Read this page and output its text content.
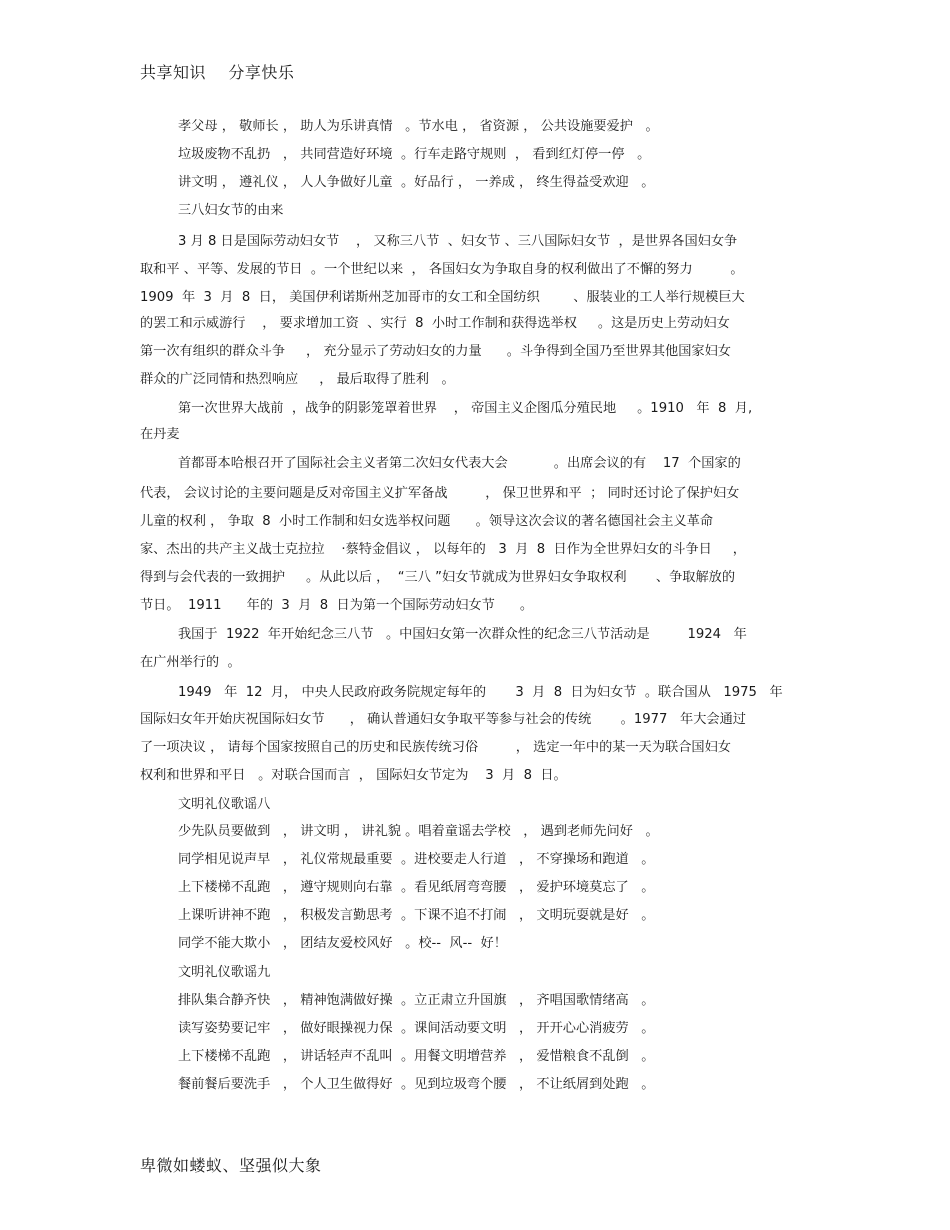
共享知识    分享快乐
孝父母 ， 敬师长 ， 助人为乐讲真情   。节水电 ， 省资源 ， 公共设施要爱护   。
垃圾废物不乱扔   ， 共同营造好环境  。行车走路守规则  ， 看到红灯停一停   。
讲文明 ， 遵礼仪 ， 人人争做好儿童  。好品行 ， 一养成 ， 终生得益受欢迎   。
三八妇女节的由来
3 月 8 日是国际劳动妇女节    ， 又称三八节  、妇女节 、三八国际妇女节  ，是世界各国妇女争
取和平 、平等、发展的节日  。一个世纪以来  ， 各国妇女为争取自身的权利做出了不懈的努力         。
1909  年  3  月  8  日， 美国伊利诺斯州芝加哥市的女工和全国纺织        、服装业的工人举行规模巨大
的罢工和示威游行    ， 要求增加工资  、实行  8  小时工作制和获得选举权     。这是历史上劳动妇女
第一次有组织的群众斗争     ， 充分显示了劳动妇女的力量      。斗争得到全国乃至世界其他国家妇女
群众的广泛同情和热烈响应     ， 最后取得了胜利   。
第一次世界大战前  ，战争的阴影笼罩着世界    ， 帝国主义企图瓜分殖民地     。1910   年  8  月,
在丹麦
首都哥本哈根召开了国际社会主义者第二次妇女代表大会           。出席会议的有    17  个国家的
代表， 会议讨论的主要问题是反对帝国主义扩军备战         ， 保卫世界和平  ； 同时还讨论了保护妇女
儿童的权利 ， 争取  8  小时工作制和妇女选举权问题      。领导这次会议的著名德国社会主义革命
家、杰出的共产主义战士克拉拉    ·蔡特金倡议 ， 以每年的   3  月  8  日作为全世界妇女的斗争日     ，
得到与会代表的一致拥护     。从此以后 ，  “三八 ”妇女节就成为世界妇女争取权利       、争取解放的
节日。  1911      年的  3  月  8  日为第一个国际劳动妇女节      。
我国于  1922  年开始纪念三八节   。中国妇女第一次群众性的纪念三八节活动是         1924   年
在广州举行的  。
1949   年  12  月， 中央人民政府政务院规定每年的       3  月  8  日为妇女节  。联合国从   1975   年
国际妇女年开始庆祝国际妇女节      ， 确认普通妇女争取平等参与社会的传统       。1977   年大会通过
了一项决议 ， 请每个国家按照自己的历史和民族传统习俗         ， 选定一年中的某一天为联合国妇女
权利和世界和平日   。对联合国而言  ， 国际妇女节定为    3  月  8  日。
文明礼仪歌谣八
少先队员要做到   ， 讲文明 ， 讲礼貌 。唱着童谣去学校   ， 遇到老师先问好   。
同学相见说声早   ， 礼仪常规最重要  。进校要走人行道   ， 不穿操场和跑道   。
上下楼梯不乱跑   ， 遵守规则向右靠  。看见纸屑弯弯腰   ， 爱护环境莫忘了   。
上课听讲神不跑   ， 积极发言勤思考  。下课不追不打闹   ， 文明玩耍就是好   。
同学不能大欺小   ， 团结友爱校风好   。校--  风--  好！
文明礼仪歌谣九
排队集合静齐快   ， 精神饱满做好操  。立正肃立升国旗   ， 齐唱国歌情绪高   。
读写姿势要记牢   ， 做好眼操视力保  。课间活动要文明   ， 开开心心消疲劳   。
上下楼梯不乱跑   ， 讲话轻声不乱叫  。用餐文明增营养   ， 爱惜粮食不乱倒   。
餐前餐后要洗手   ， 个人卫生做得好  。见到垃圾弯个腰   ， 不让纸屑到处跑   。
卑微如蝼蚁、坚强似大象
